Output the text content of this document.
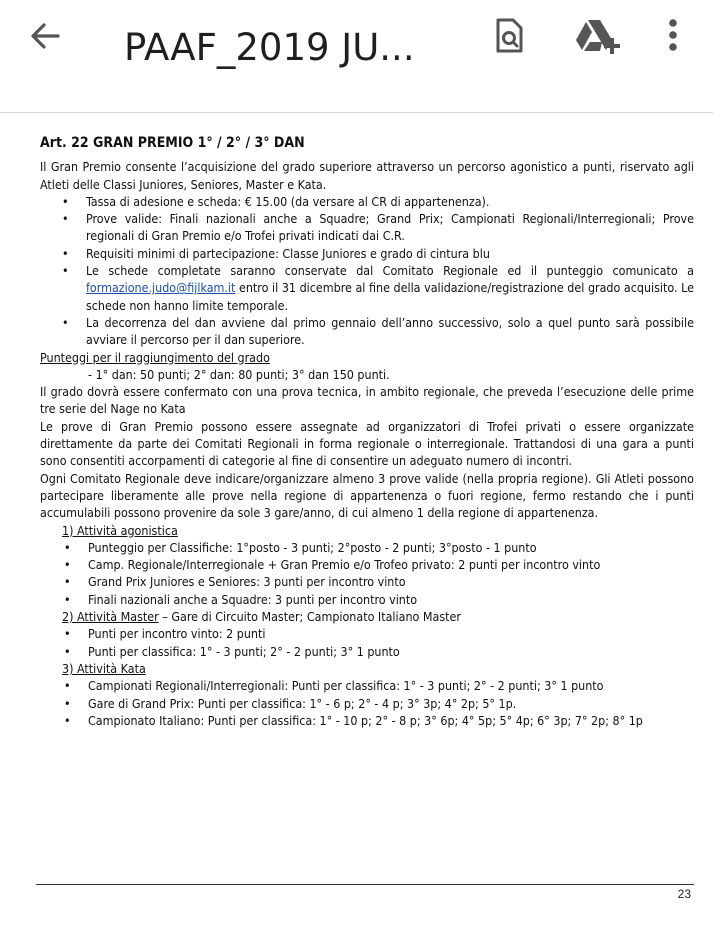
PAAF_2019 JU...

Art. 22 GRAN PREMIO 1° / 2° / 3° DAN

Il Gran Premio consente l’acquisizione del grado superiore attraverso un percorso agonistico a punti, riservato agli Atleti delle Classi Juniores, Seniores, Master e Kata.

• Tassa di adesione e scheda: € 15.00 (da versare al CR di appartenenza).
• Prove valide: Finali nazionali anche a Squadre; Grand Prix; Campionati Regionali/Interregionali; Prove regionali di Gran Premio e/o Trofei privati indicati dai C.R.
• Requisiti minimi di partecipazione: Classe Juniores e grado di cintura blu
• Le schede completate saranno conservate dal Comitato Regionale ed il punteggio comunicato a formazione.judo@fijlkam.it entro il 31 dicembre al fine della validazione/registrazione del grado acquisito. Le schede non hanno limite temporale.
• La decorrenza del dan avviene dal primo gennaio dell’anno successivo, solo a quel punto sarà possibile avviare il percorso per il dan superiore.

Punteggi per il raggiungimento del grado

- 1° dan: 50 punti; 2° dan: 80 punti; 3° dan 150 punti.

Il grado dovrà essere confermato con una prova tecnica, in ambito regionale, che preveda l’esecuzione delle prime tre serie del Nage no Kata

Le prove di Gran Premio possono essere assegnate ad organizzatori di Trofei privati o essere organizzate direttamente da parte dei Comitati Regionali in forma regionale o interregionale. Trattandosi di una gara a punti sono consentiti accorpamenti di categorie al fine di consentire un adeguato numero di incontri.

Ogni Comitato Regionale deve indicare/organizzare almeno 3 prove valide (nella propria regione). Gli Atleti possono partecipare liberamente alle prove nella regione di appartenenza o fuori regione, fermo restando che i punti accumulabili possono provenire da sole 3 gare/anno, di cui almeno 1 della regione di appartenenza.

1) Attività agonistica

• Punteggio per Classifiche: 1°posto - 3 punti; 2°posto - 2 punti; 3°posto - 1 punto
• Camp. Regionale/Interregionale + Gran Premio e/o Trofeo privato: 2 punti per incontro vinto
• Grand Prix Juniores e Seniores: 3 punti per incontro vinto
• Finali nazionali anche a Squadre: 3 punti per incontro vinto

2) Attività Master – Gare di Circuito Master; Campionato Italiano Master

• Punti per incontro vinto: 2 punti
• Punti per classifica: 1° - 3 punti; 2° - 2 punti; 3° 1 punto

3) Attività Kata

• Campionati Regionali/Interregionali: Punti per classifica: 1° - 3 punti; 2° - 2 punti; 3° 1 punto
• Gare di Grand Prix: Punti per classifica: 1° - 6 p; 2° - 4 p; 3° 3p; 4° 2p; 5° 1p.
• Campionato Italiano: Punti per classifica: 1° - 10 p; 2° - 8 p; 3° 6p; 4° 5p; 5° 4p; 6° 3p; 7° 2p; 8° 1p
23
